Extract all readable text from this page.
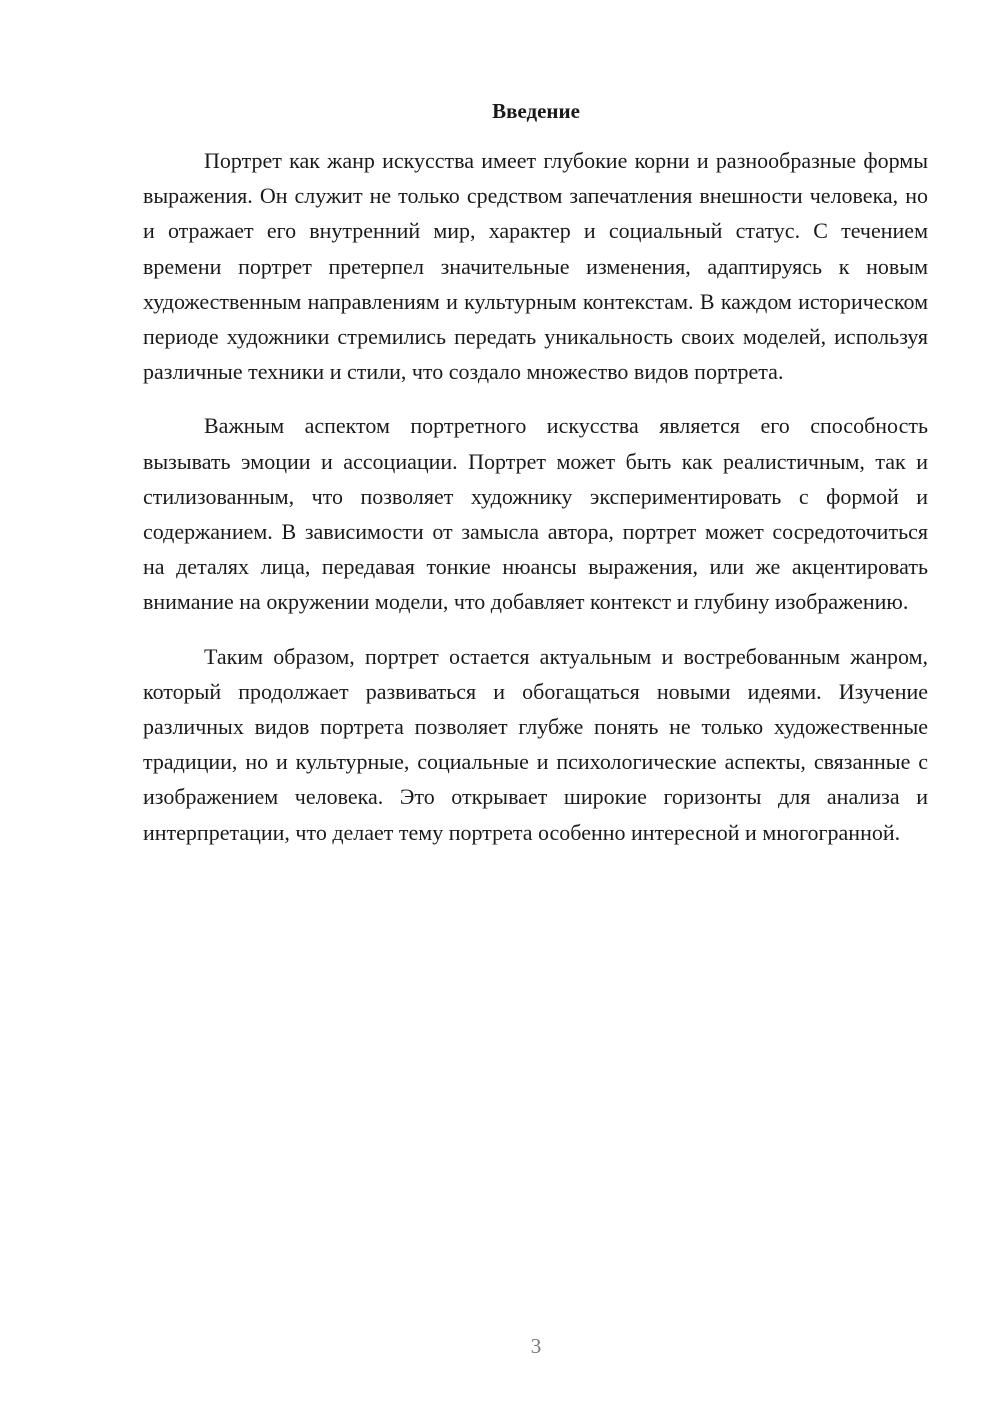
Введение

Портрет как жанр искусства имеет глубокие корни и разнообразные формы выражения. Он служит не только средством запечатления внешности человека, но и отражает его внутренний мир, характер и социальный статус. С течением времени портрет претерпел значительные изменения, адаптируясь к новым художественным направлениям и культурным контекстам. В каждом историческом периоде художники стремились передать уникальность своих моделей, используя различные техники и стили, что создало множество видов портрета.

Важным аспектом портретного искусства является его способность вызывать эмоции и ассоциации. Портрет может быть как реалистичным, так и стилизованным, что позволяет художнику экспериментировать с формой и содержанием. В зависимости от замысла автора, портрет может сосредоточиться на деталях лица, передавая тонкие нюансы выражения, или же акцентировать внимание на окружении модели, что добавляет контекст и глубину изображению.

Таким образом, портрет остается актуальным и востребованным жанром, который продолжает развиваться и обогащаться новыми идеями. Изучение различных видов портрета позволяет глубже понять не только художественные традиции, но и культурные, социальные и психологические аспекты, связанные с изображением человека. Это открывает широкие горизонты для анализа и интерпретации, что делает тему портрета особенно интересной и многогранной.

3
